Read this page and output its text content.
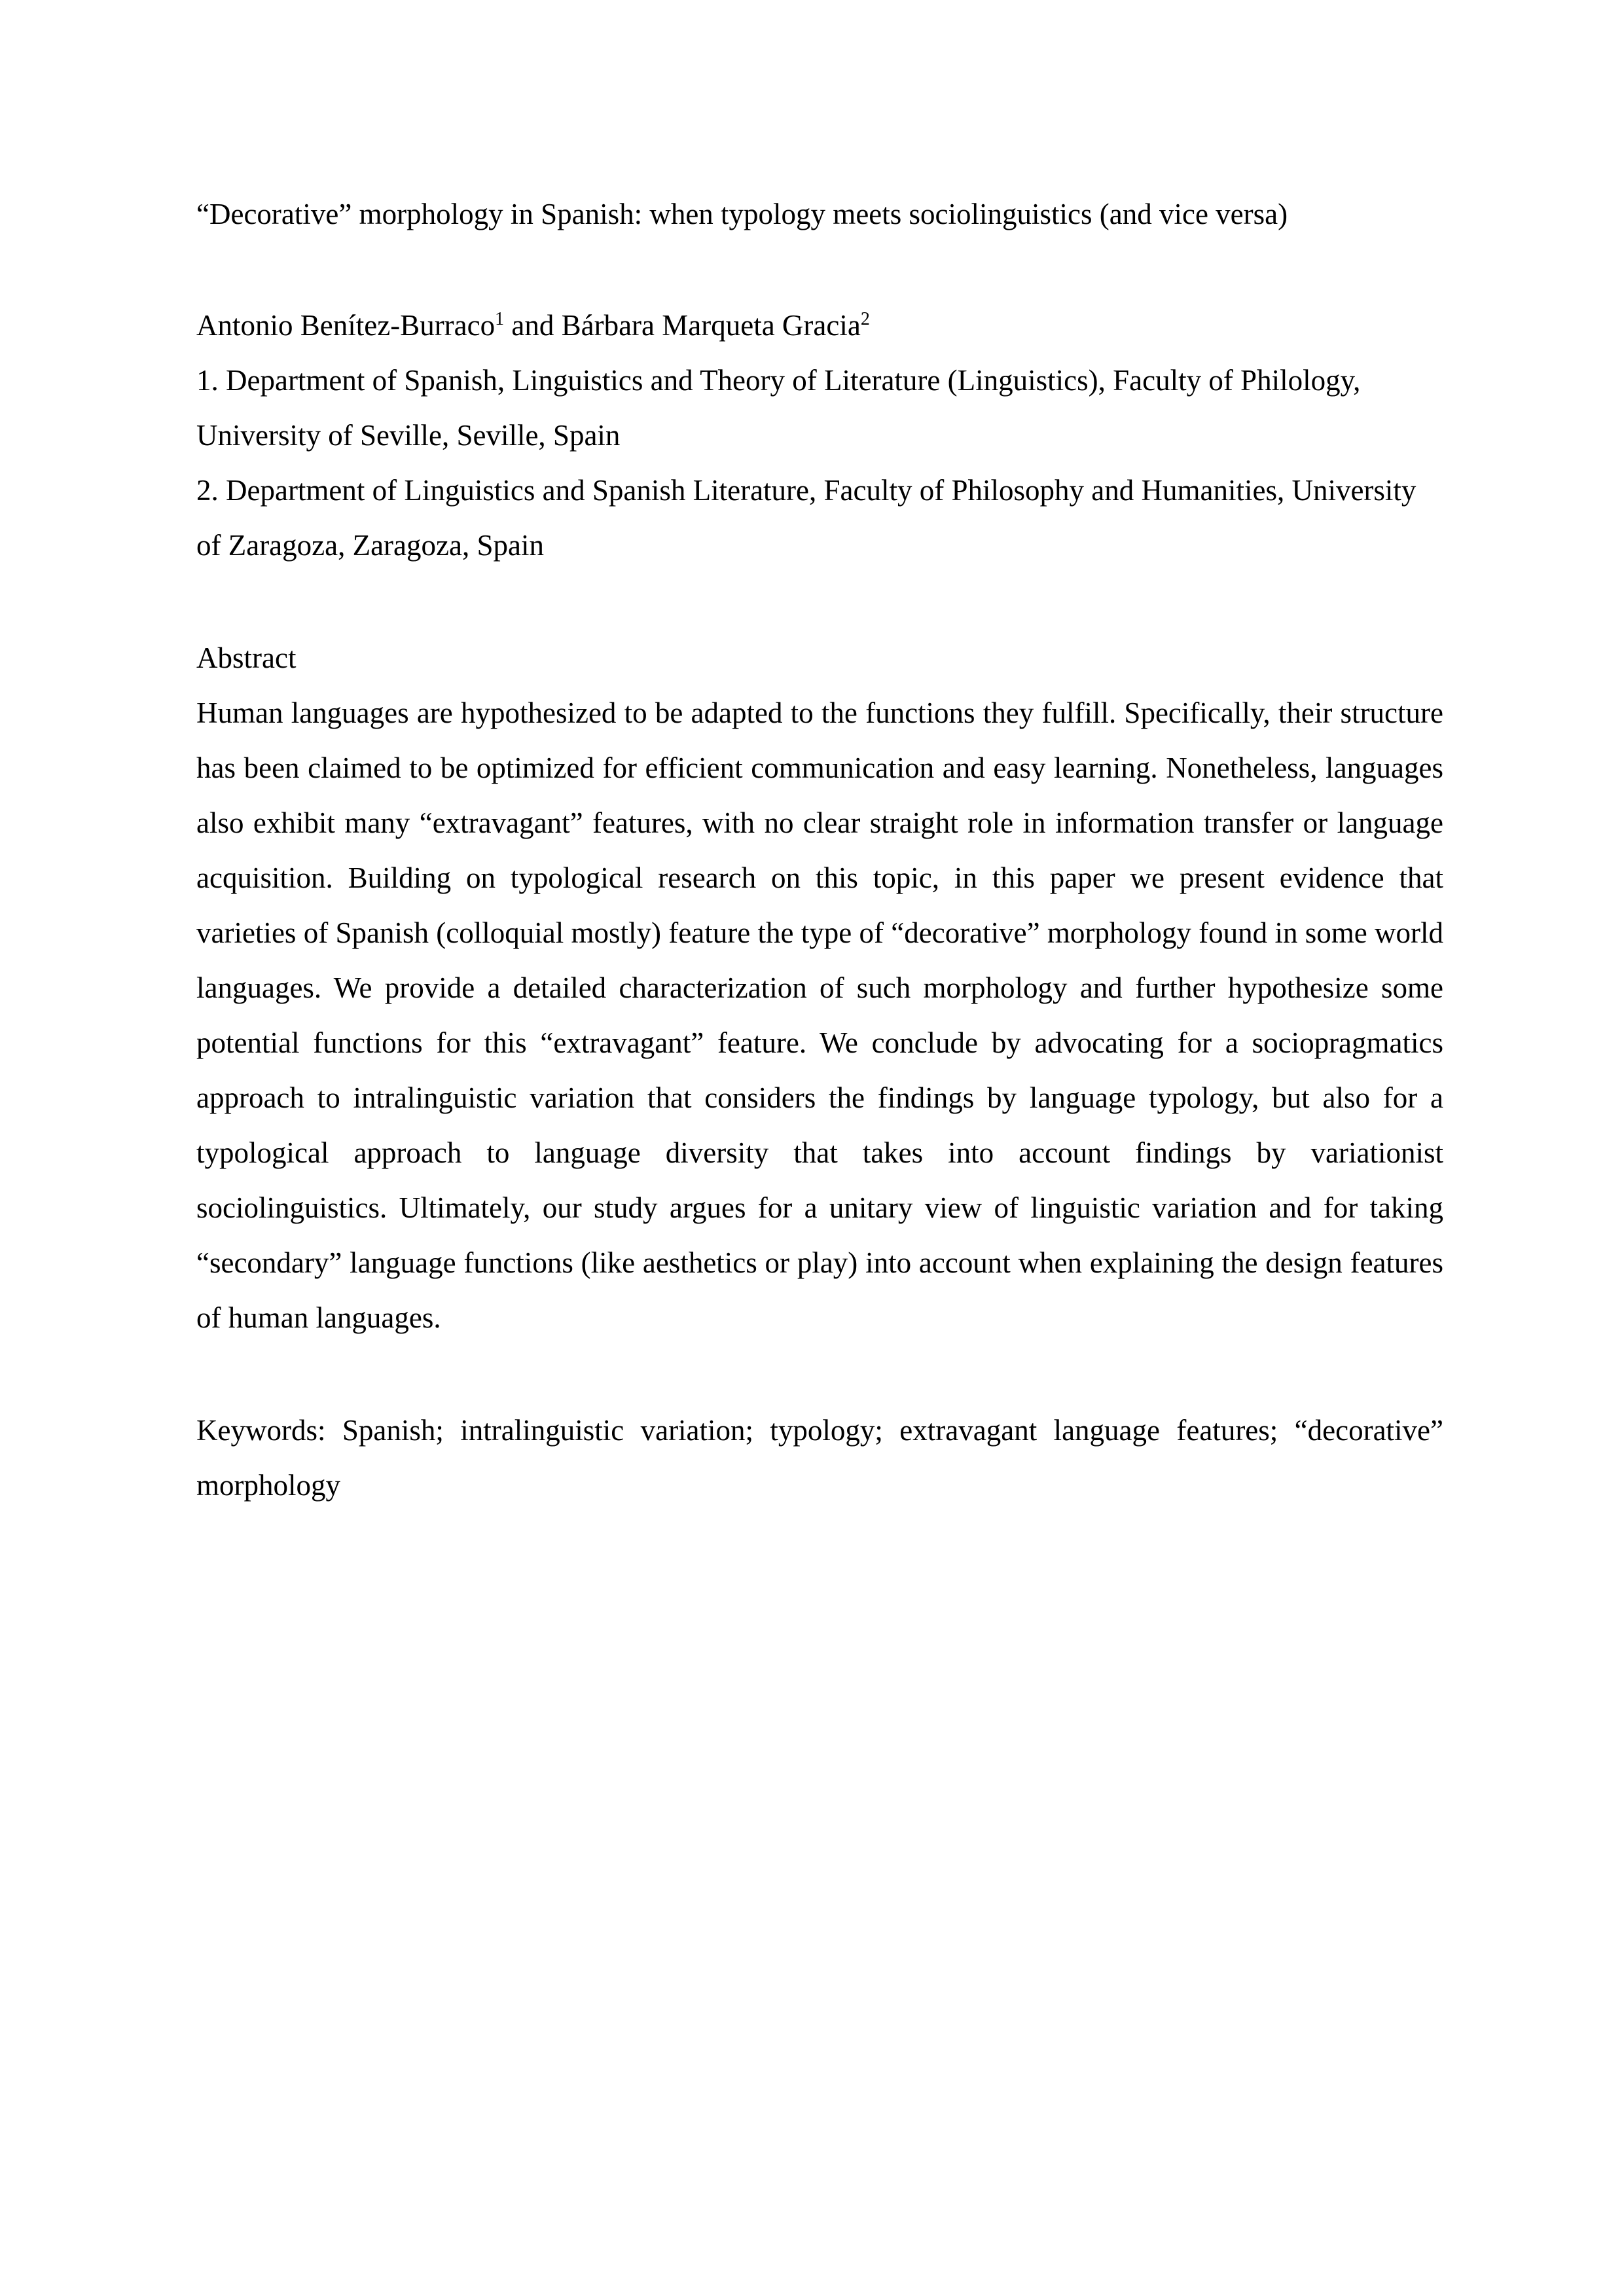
“Decorative” morphology in Spanish: when typology meets sociolinguistics (and vice versa)

Antonio Benítez-Burraco$^1$ and Bárbara Marqueta Gracia$^2$

1. Department of Spanish, Linguistics and Theory of Literature (Linguistics), Faculty of Philology, University of Seville, Seville, Spain

2. Department of Linguistics and Spanish Literature, Faculty of Philosophy and Humanities, University of Zaragoza, Zaragoza, Spain

Abstract

Human languages are hypothesized to be adapted to the functions they fulfill. Specifically, their structure has been claimed to be optimized for efficient communication and easy learning. Nonetheless, languages also exhibit many “extravagant” features, with no clear straight role in information transfer or language acquisition. Building on typological research on this topic, in this paper we present evidence that varieties of Spanish (colloquial mostly) feature the type of “decorative” morphology found in some world languages. We provide a detailed characterization of such morphology and further hypothesize some potential functions for this “extravagant” feature. We conclude by advocating for a sociopragmatics approach to intralinguistic variation that considers the findings by language typology, but also for a typological approach to language diversity that takes into account findings by variationist sociolinguistics. Ultimately, our study argues for a unitary view of linguistic variation and for taking “secondary” language functions (like aesthetics or play) into account when explaining the design features of human languages.

Keywords: Spanish; intralinguistic variation; typology; extravagant language features; “decorative” morphology
